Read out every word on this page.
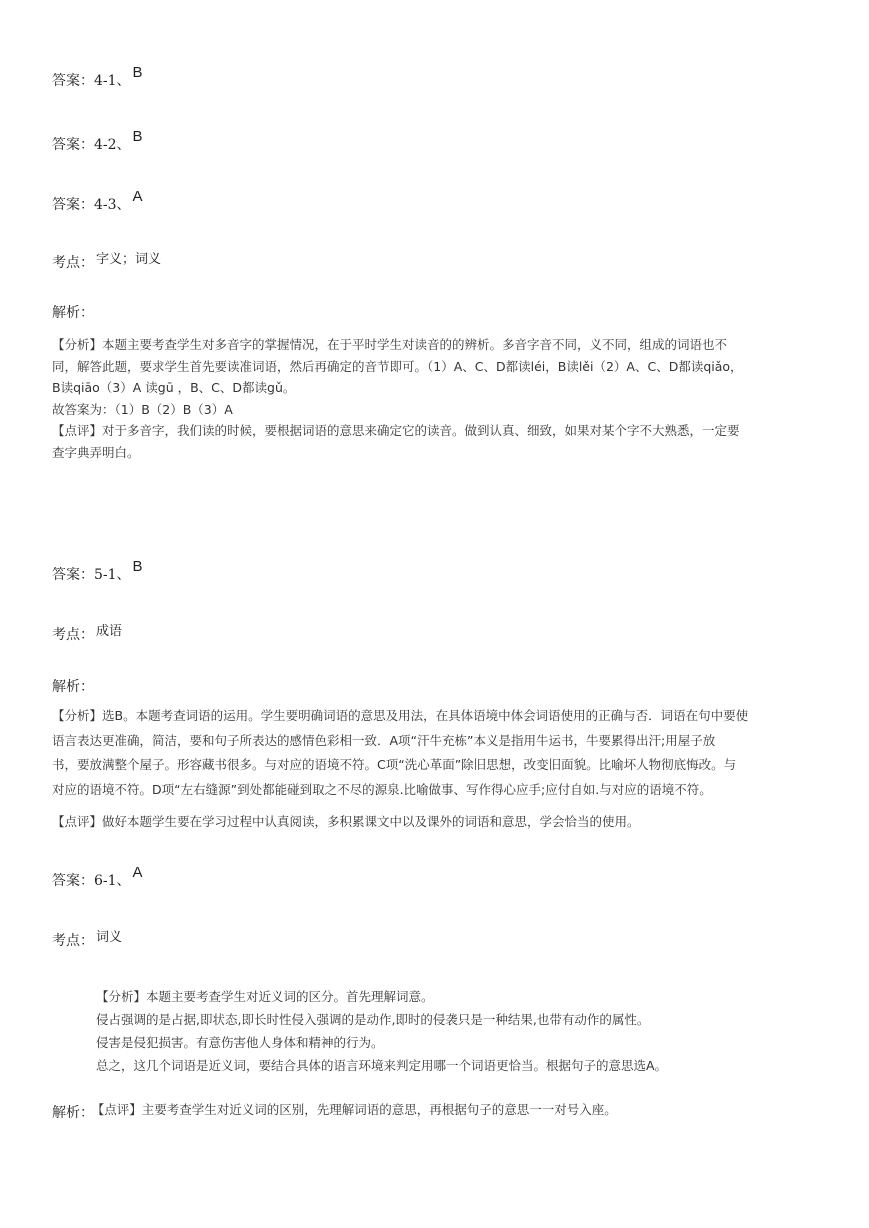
答案：4-1、 B
答案：4-2、 B
答案：4-3、 A
考点： 字义；词义
解析：

【分析】本题主要考查学生对多音字的掌握情况，在于平时学生对读音的的辨析。多音字音不同，义不同，组成的词语也不

同，解答此题，要求学生首先要读准词语，然后再确定的音节即可。（1）A、C、D都读léi，B读lěi（2）A、C、D都读qiǎo，

B读qiāo（3）A 读gū ，B、C、D都读gǔ。

故答案为：（1）B（2）B（3）A

【点评】对于多音字，我们读的时候，要根据词语的意思来确定它的读音。做到认真、细致，如果对某个字不大熟悉，一定要

查字典弄明白。

答案：5-1、 B
考点： 成语
解析：

【分析】选B。本题考查词语的运用。学生要明确词语的意思及用法，在具体语境中体会词语使用的正确与否．词语在句中要使

语言表达更准确，简洁，要和句子所表达的感情色彩相一致．A项“汗牛充栋”本义是指用牛运书，牛要累得出汗;用屋子放

书，要放满整个屋子。形容藏书很多。与对应的语境不符。C项“洗心革面”除旧思想，改变旧面貌。比喻坏人物彻底悔改。与

对应的语境不符。D项“左右缝源”到处都能碰到取之不尽的源泉.比喻做事、写作得心应手;应付自如.与对应的语境不符。

【点评】做好本题学生要在学习过程中认真阅读，多积累课文中以及课外的词语和意思，学会恰当的使用。

答案：6-1、 A
考点： 词义

【分析】本题主要考查学生对近义词的区分。首先理解词意。

侵占强调的是占据,即状态,即长时性侵入强调的是动作,即时的侵袭只是一种结果,也带有动作的属性。

侵害是侵犯损害。有意伤害他人身体和精神的行为。

总之，这几个词语是近义词，要结合具体的语言环境来判定用哪一个词语更恰当。根据句子的意思选A。

解析： 【点评】主要考查学生对近义词的区别，先理解词语的意思，再根据句子的意思一一对号入座。
